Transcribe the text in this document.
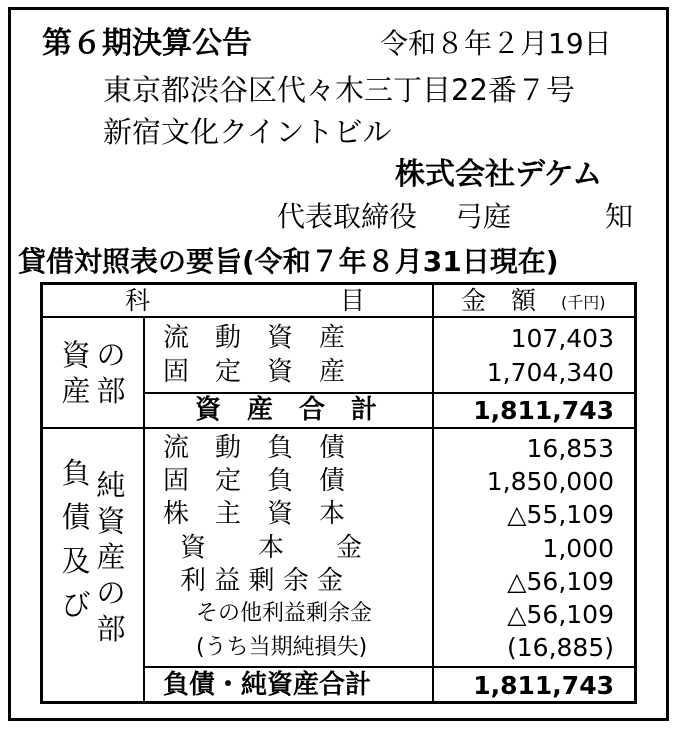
第６期決算公告	令和８年２月19日
東京都渋谷区代々木三丁目22番７号
新宿文化クイントビル
株式会社デケム
代表取締役 弓庭	知
貸借対照表の要旨(令和７年８月31日現在)
科	目	金　額 (千円)
資
産
の
部
流　動　資　産	107,403
固　定　資　産	1,704,340
資　産　合　計	1,811,743
負
債
及
び
純
資
産
の
部
流　動　負　債	16,853
固　定　負　債	1,850,000
株　主　資　本	△55,109
資　　本　　金	1,000
利 益 剰 余 金	△56,109
その他利益剰余金	△56,109
(うち当期純損失)	(16,885)
負債・純資産合計	1,811,743
